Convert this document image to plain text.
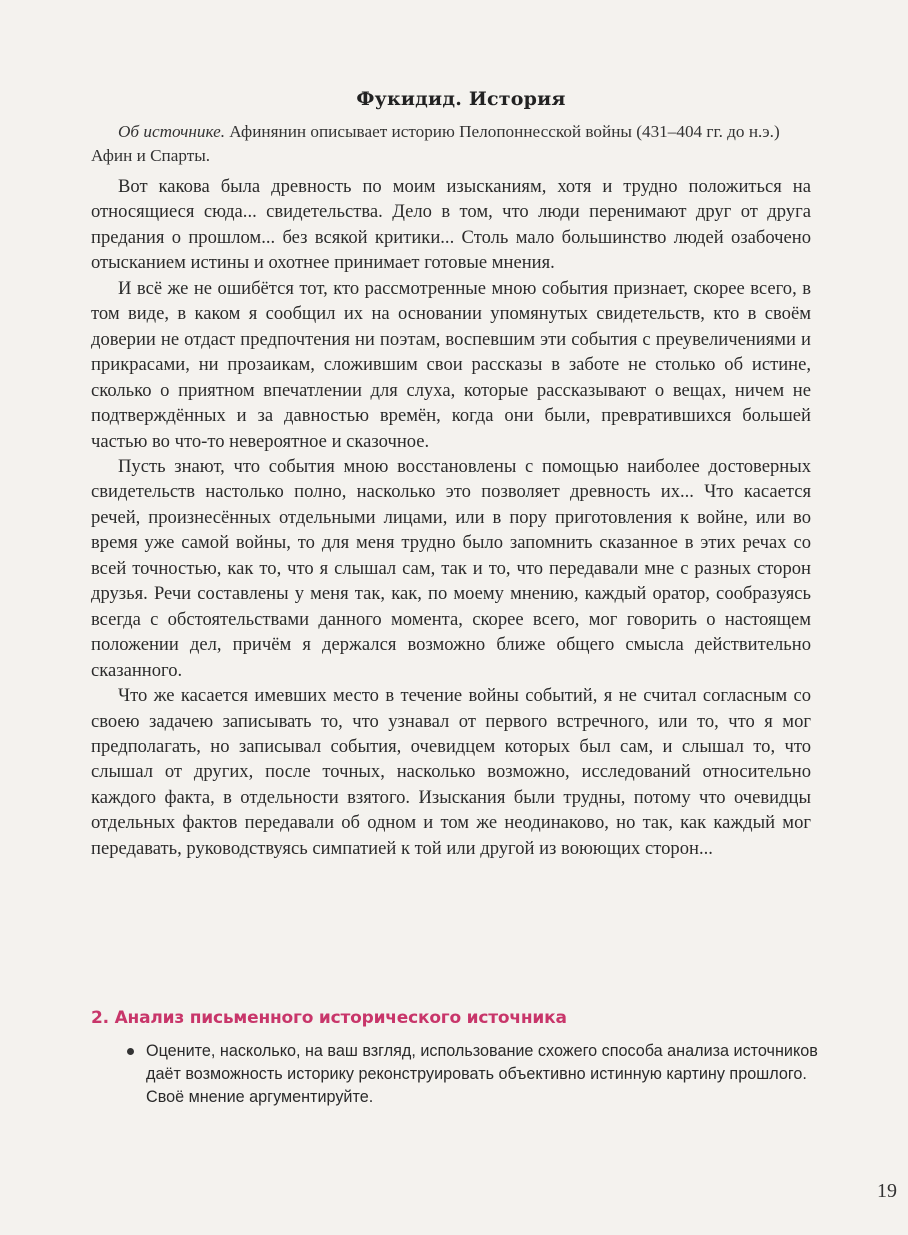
Фукидид. История
Об источнике. Афинянин описывает историю Пелопоннесской войны (431–404 гг. до н.э.) Афин и Спарты.

Вот какова была древность по моим изысканиям, хотя и трудно положиться на относящиеся сюда... свидетельства. Дело в том, что люди перенимают друг от друга предания о прошлом... без всякой критики... Столь мало большинство людей озабочено отысканием истины и охотнее принимает готовые мнения.

И всё же не ошибётся тот, кто рассмотренные мною события признает, скорее всего, в том виде, в каком я сообщил их на основании упомянутых свидетельств, кто в своём доверии не отдаст предпочтения ни поэтам, воспевшим эти события с преувеличениями и прикрасами, ни прозаикам, сложившим свои рассказы в заботе не столько об истине, сколько о приятном впечатлении для слуха, которые рассказывают о вещах, ничем не подтверждённых и за давностью времён, когда они были, превратившихся большей частью во что-то невероятное и сказочное.

Пусть знают, что события мною восстановлены с помощью наиболее достоверных свидетельств настолько полно, насколько это позволяет древность их... Что касается речей, произнесённых отдельными лицами, или в пору приготовления к войне, или во время уже самой войны, то для меня трудно было запомнить сказанное в этих речах со всей точностью, как то, что я слышал сам, так и то, что передавали мне с разных сторон друзья. Речи составлены у меня так, как, по моему мнению, каждый оратор, сообразуясь всегда с обстоятельствами данного момента, скорее всего, мог говорить о настоящем положении дел, причём я держался возможно ближе общего смысла действительно сказанного.

Что же касается имевших место в течение войны событий, я не считал согласным со своею задачею записывать то, что узнавал от первого встречного, или то, что я мог предполагать, но записывал события, очевидцем которых был сам, и слышал то, что слышал от других, после точных, насколько возможно, исследований относительно каждого факта, в отдельности взятого. Изыскания были трудны, потому что очевидцы отдельных фактов передавали об одном и том же неодинаково, но так, как каждый мог передавать, руководствуясь симпатией к той или другой из воюющих сторон...

2. Анализ письменного исторического источника
Оцените, насколько, на ваш взгляд, использование схожего способа анализа источников даёт возможность историку реконструировать объективно истинную картину прошлого. Своё мнение аргументируйте.
19
